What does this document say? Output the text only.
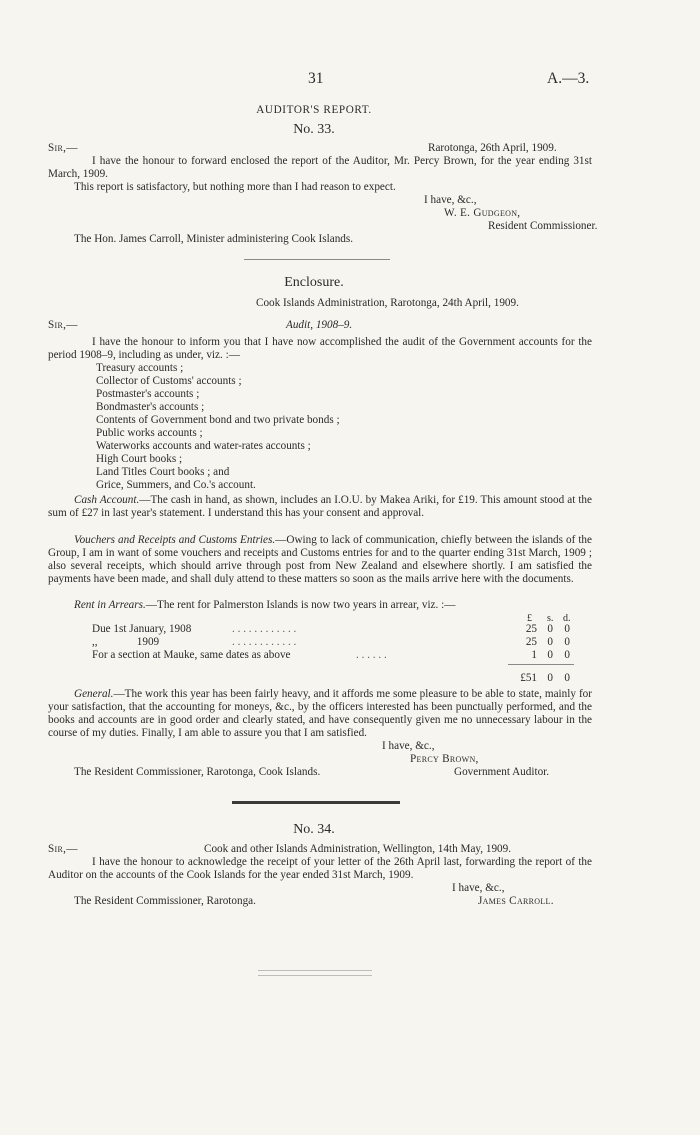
31	A.—3.
AUDITOR'S REPORT.
No. 33.
Sir,—	Rarotonga, 26th April, 1909.
I have the honour to forward enclosed the report of the Auditor, Mr. Percy Brown, for the year ending 31st March, 1909.
This report is satisfactory, but nothing more than I had reason to expect.
I have, &c.,
W. E. Gudgeon,
Resident Commissioner.
The Hon. James Carroll, Minister administering Cook Islands.
Enclosure.
Cook Islands Administration, Rarotonga, 24th April, 1909.
Sir,—	Audit, 1908–9.
I have the honour to inform you that I have now accomplished the audit of the Government accounts for the period 1908–9, including as under, viz. :—
Treasury accounts ;
Collector of Customs' accounts ;
Postmaster's accounts ;
Bondmaster's accounts ;
Contents of Government bond and two private bonds ;
Public works accounts ;
Waterworks accounts and water-rates accounts ;
High Court books ;
Land Titles Court books ; and
Grice, Summers, and Co.'s account.
Cash Account.—The cash in hand, as shown, includes an I.O.U. by Makea Ariki, for £19. This amount stood at the sum of £27 in last year's statement. I understand this has your consent and approval.
Vouchers and Receipts and Customs Entries.—Owing to lack of communication, chiefly between the islands of the Group, I am in want of some vouchers and receipts and Customs entries for and to the quarter ending 31st March, 1909 ; also several receipts, which should arrive through post from New Zealand and elsewhere shortly. I am satisfied the payments have been made, and shall duly attend to these matters so soon as the mails arrive here with the documents.
Rent in Arrears.—The rent for Palmerston Islands is now two years in arrear, viz. :—
£ s. d.
Due 1st January, 1908	. . . . . . . . . . . .	25 0	0
,,              1909	. . . . . . . . . . . .	25 0	0
For a section at Mauke, same dates as above	. . . . . .	1 0	0
£51 0	0
General.—The work this year has been fairly heavy, and it affords me some pleasure to be able to state, mainly for your satisfaction, that the accounting for moneys, &c., by the officers interested has been punctually performed, and the books and accounts are in good order and clearly stated, and have consequently given me no unnecessary labour in the course of my duties. Finally, I am able to assure you that I am satisfied.
I have, &c.,
Percy Brown,
The Resident Commissioner, Rarotonga, Cook Islands.	Government Auditor.
No. 34.
Sir,—	Cook and other Islands Administration, Wellington, 14th May, 1909.
I have the honour to acknowledge the receipt of your letter of the 26th April last, forwarding the report of the Auditor on the accounts of the Cook Islands for the year ended 31st March, 1909.
I have, &c.,
The Resident Commissioner, Rarotonga.	James Carroll.
